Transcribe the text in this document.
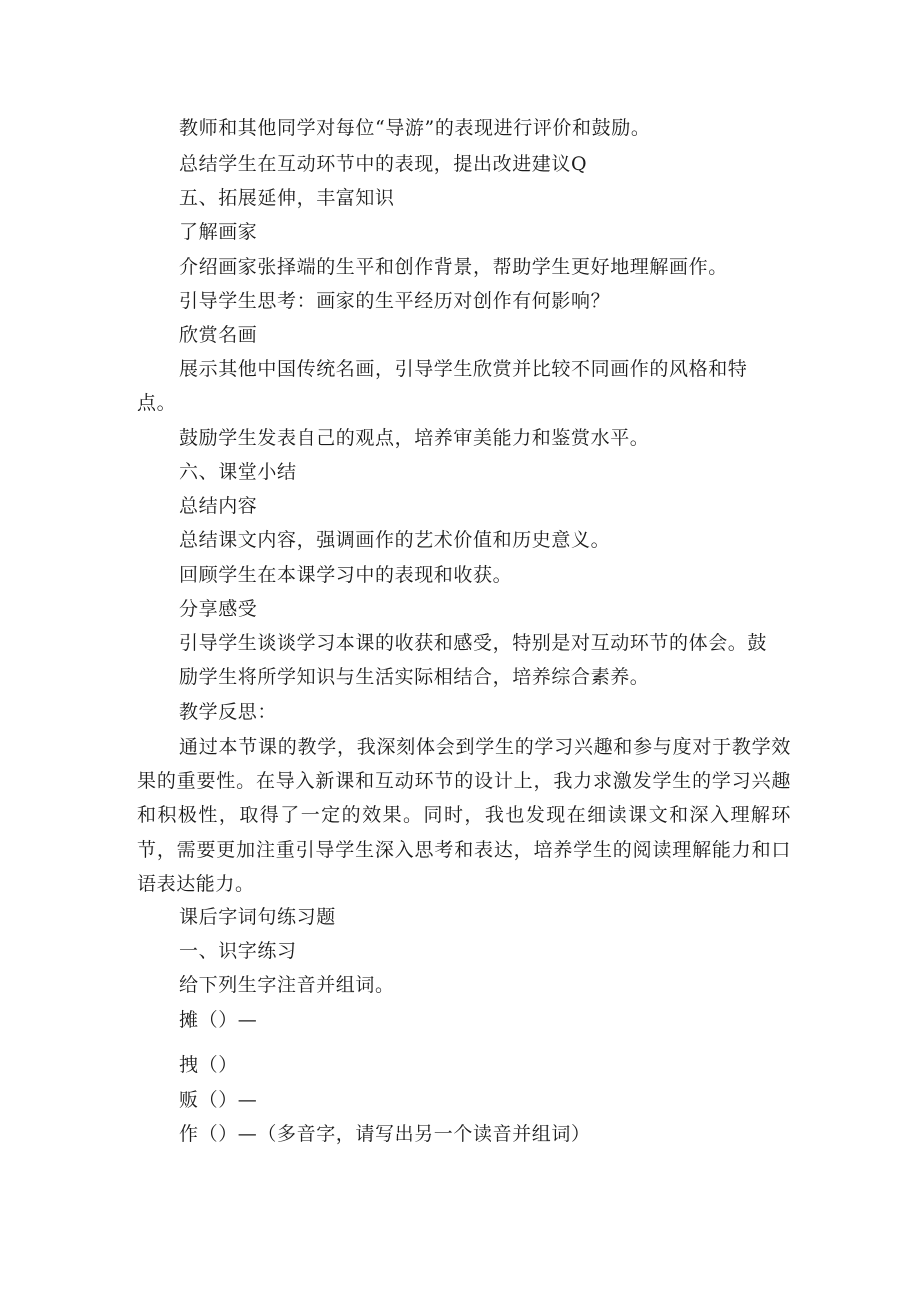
教师和其他同学对每位“导游”的表现进行评价和鼓励。
总结学生在互动环节中的表现，提出改进建议Q
五、拓展延伸，丰富知识
了解画家
介绍画家张择端的生平和创作背景，帮助学生更好地理解画作。
引导学生思考：画家的生平经历对创作有何影响？
欣赏名画
展示其他中国传统名画，引导学生欣赏并比较不同画作的风格和特
点。
鼓励学生发表自己的观点，培养审美能力和鉴赏水平。
六、课堂小结
总结内容
总结课文内容，强调画作的艺术价值和历史意义。
回顾学生在本课学习中的表现和收获。
分享感受
引导学生谈谈学习本课的收获和感受，特别是对互动环节的体会。鼓
励学生将所学知识与生活实际相结合，培养综合素养。
教学反思：
通过本节课的教学，我深刻体会到学生的学习兴趣和参与度对于教学效果的重要性。在导入新课和互动环节的设计上，我力求激发学生的学习兴趣和积极性，取得了一定的效果。同时，我也发现在细读课文和深入理解环节，需要更加注重引导学生深入思考和表达，培养学生的阅读理解能力和口语表达能力。
课后字词句练习题
一、识字练习
给下列生字注音并组词。
摊（）—
拽（）
贩（）—
作（）—（多音字，请写出另一个读音并组词）
